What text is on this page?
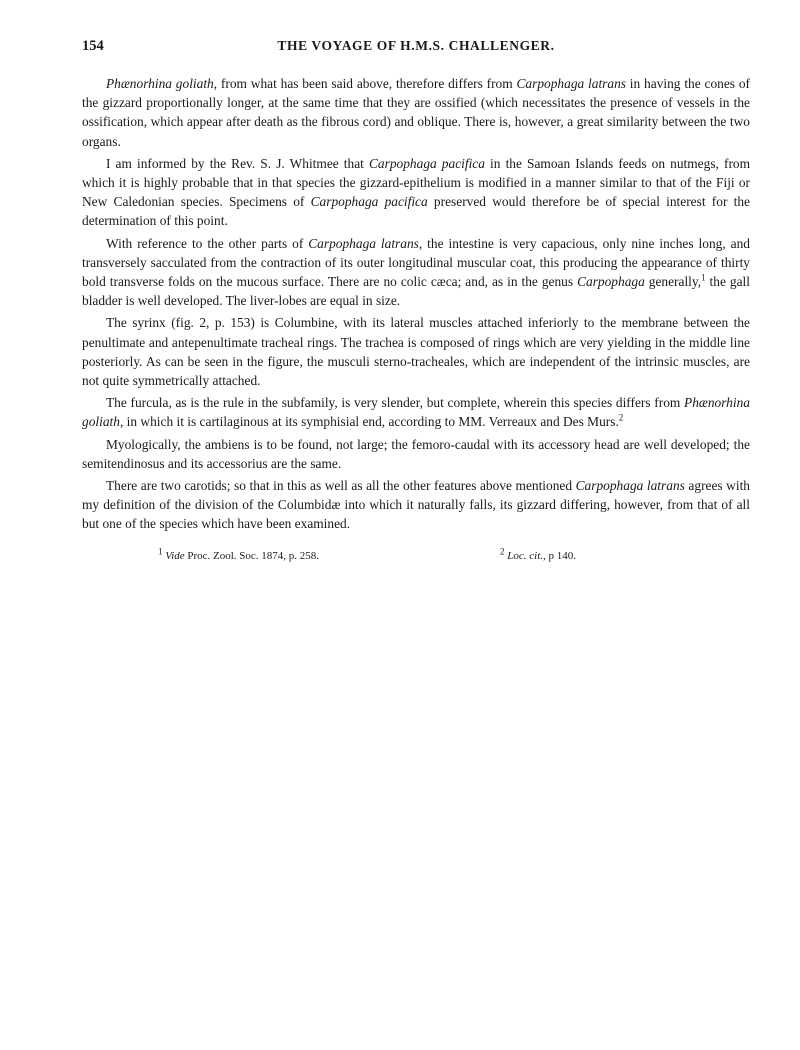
154	THE VOYAGE OF H.M.S. CHALLENGER.

Phænorhina goliath, from what has been said above, therefore differs from Carpophaga latrans in having the cones of the gizzard proportionally longer, at the same time that they are ossified (which necessitates the presence of vessels in the ossification, which appear after death as the fibrous cord) and oblique. There is, however, a great similarity between the two organs.

I am informed by the Rev. S. J. Whitmee that Carpophaga pacifica in the Samoan Islands feeds on nutmegs, from which it is highly probable that in that species the gizzard-epithelium is modified in a manner similar to that of the Fiji or New Caledonian species. Specimens of Carpophaga pacifica preserved would therefore be of special interest for the determination of this point.

With reference to the other parts of Carpophaga latrans, the intestine is very capacious, only nine inches long, and transversely sacculated from the contraction of its outer longitudinal muscular coat, this producing the appearance of thirty bold transverse folds on the mucous surface. There are no colic cæca; and, as in the genus Carpophaga generally,$^1$ the gall bladder is well developed. The liver-lobes are equal in size.

The syrinx (fig. 2, p. 153) is Columbine, with its lateral muscles attached inferiorly to the membrane between the penultimate and antepenultimate tracheal rings. The trachea is composed of rings which are very yielding in the middle line posteriorly. As can be seen in the figure, the musculi sterno-tracheales, which are independent of the intrinsic muscles, are not quite symmetrically attached.

The furcula, as is the rule in the subfamily, is very slender, but complete, wherein this species differs from Phænorhina goliath, in which it is cartilaginous at its symphisial end, according to MM. Verreaux and Des Murs.$^2$

Myologically, the ambiens is to be found, not large; the femoro-caudal with its accessory head are well developed; the semitendinosus and its accessorius are the same.

There are two carotids; so that in this as well as all the other features above mentioned Carpophaga latrans agrees with my definition of the division of the Columbidæ into which it naturally falls, its gizzard differing, however, from that of all but one of the species which have been examined.

$^1$ Vide Proc. Zool. Soc. 1874, p. 258.	$^2$ Loc. cit., p 140.
